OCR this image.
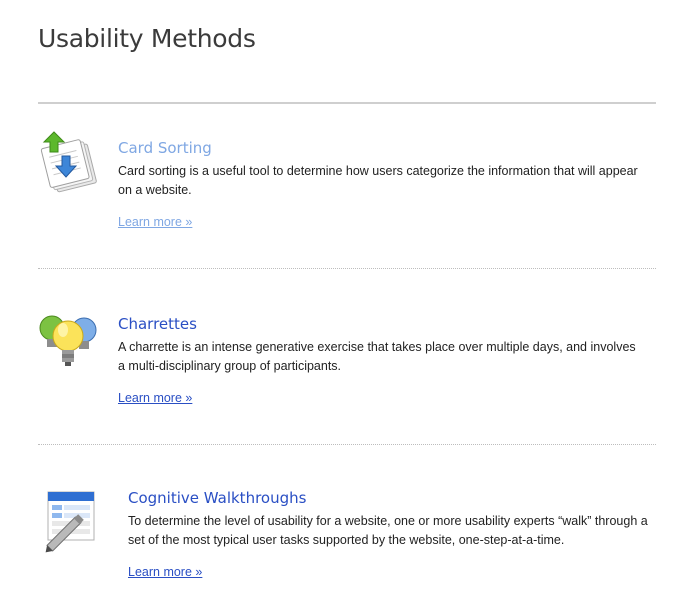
Usability Methods
Card Sorting

Card sorting is a useful tool to determine how users categorize the information that will appear on a website.

Learn more »
Charrettes

A charrette is an intense generative exercise that takes place over multiple days, and involves a multi-disciplinary group of participants.

Learn more »
Cognitive Walkthroughs

To determine the level of usability for a website, one or more usability experts “walk” through a set of the most typical user tasks supported by the website, one-step-at-a-time.

Learn more »
